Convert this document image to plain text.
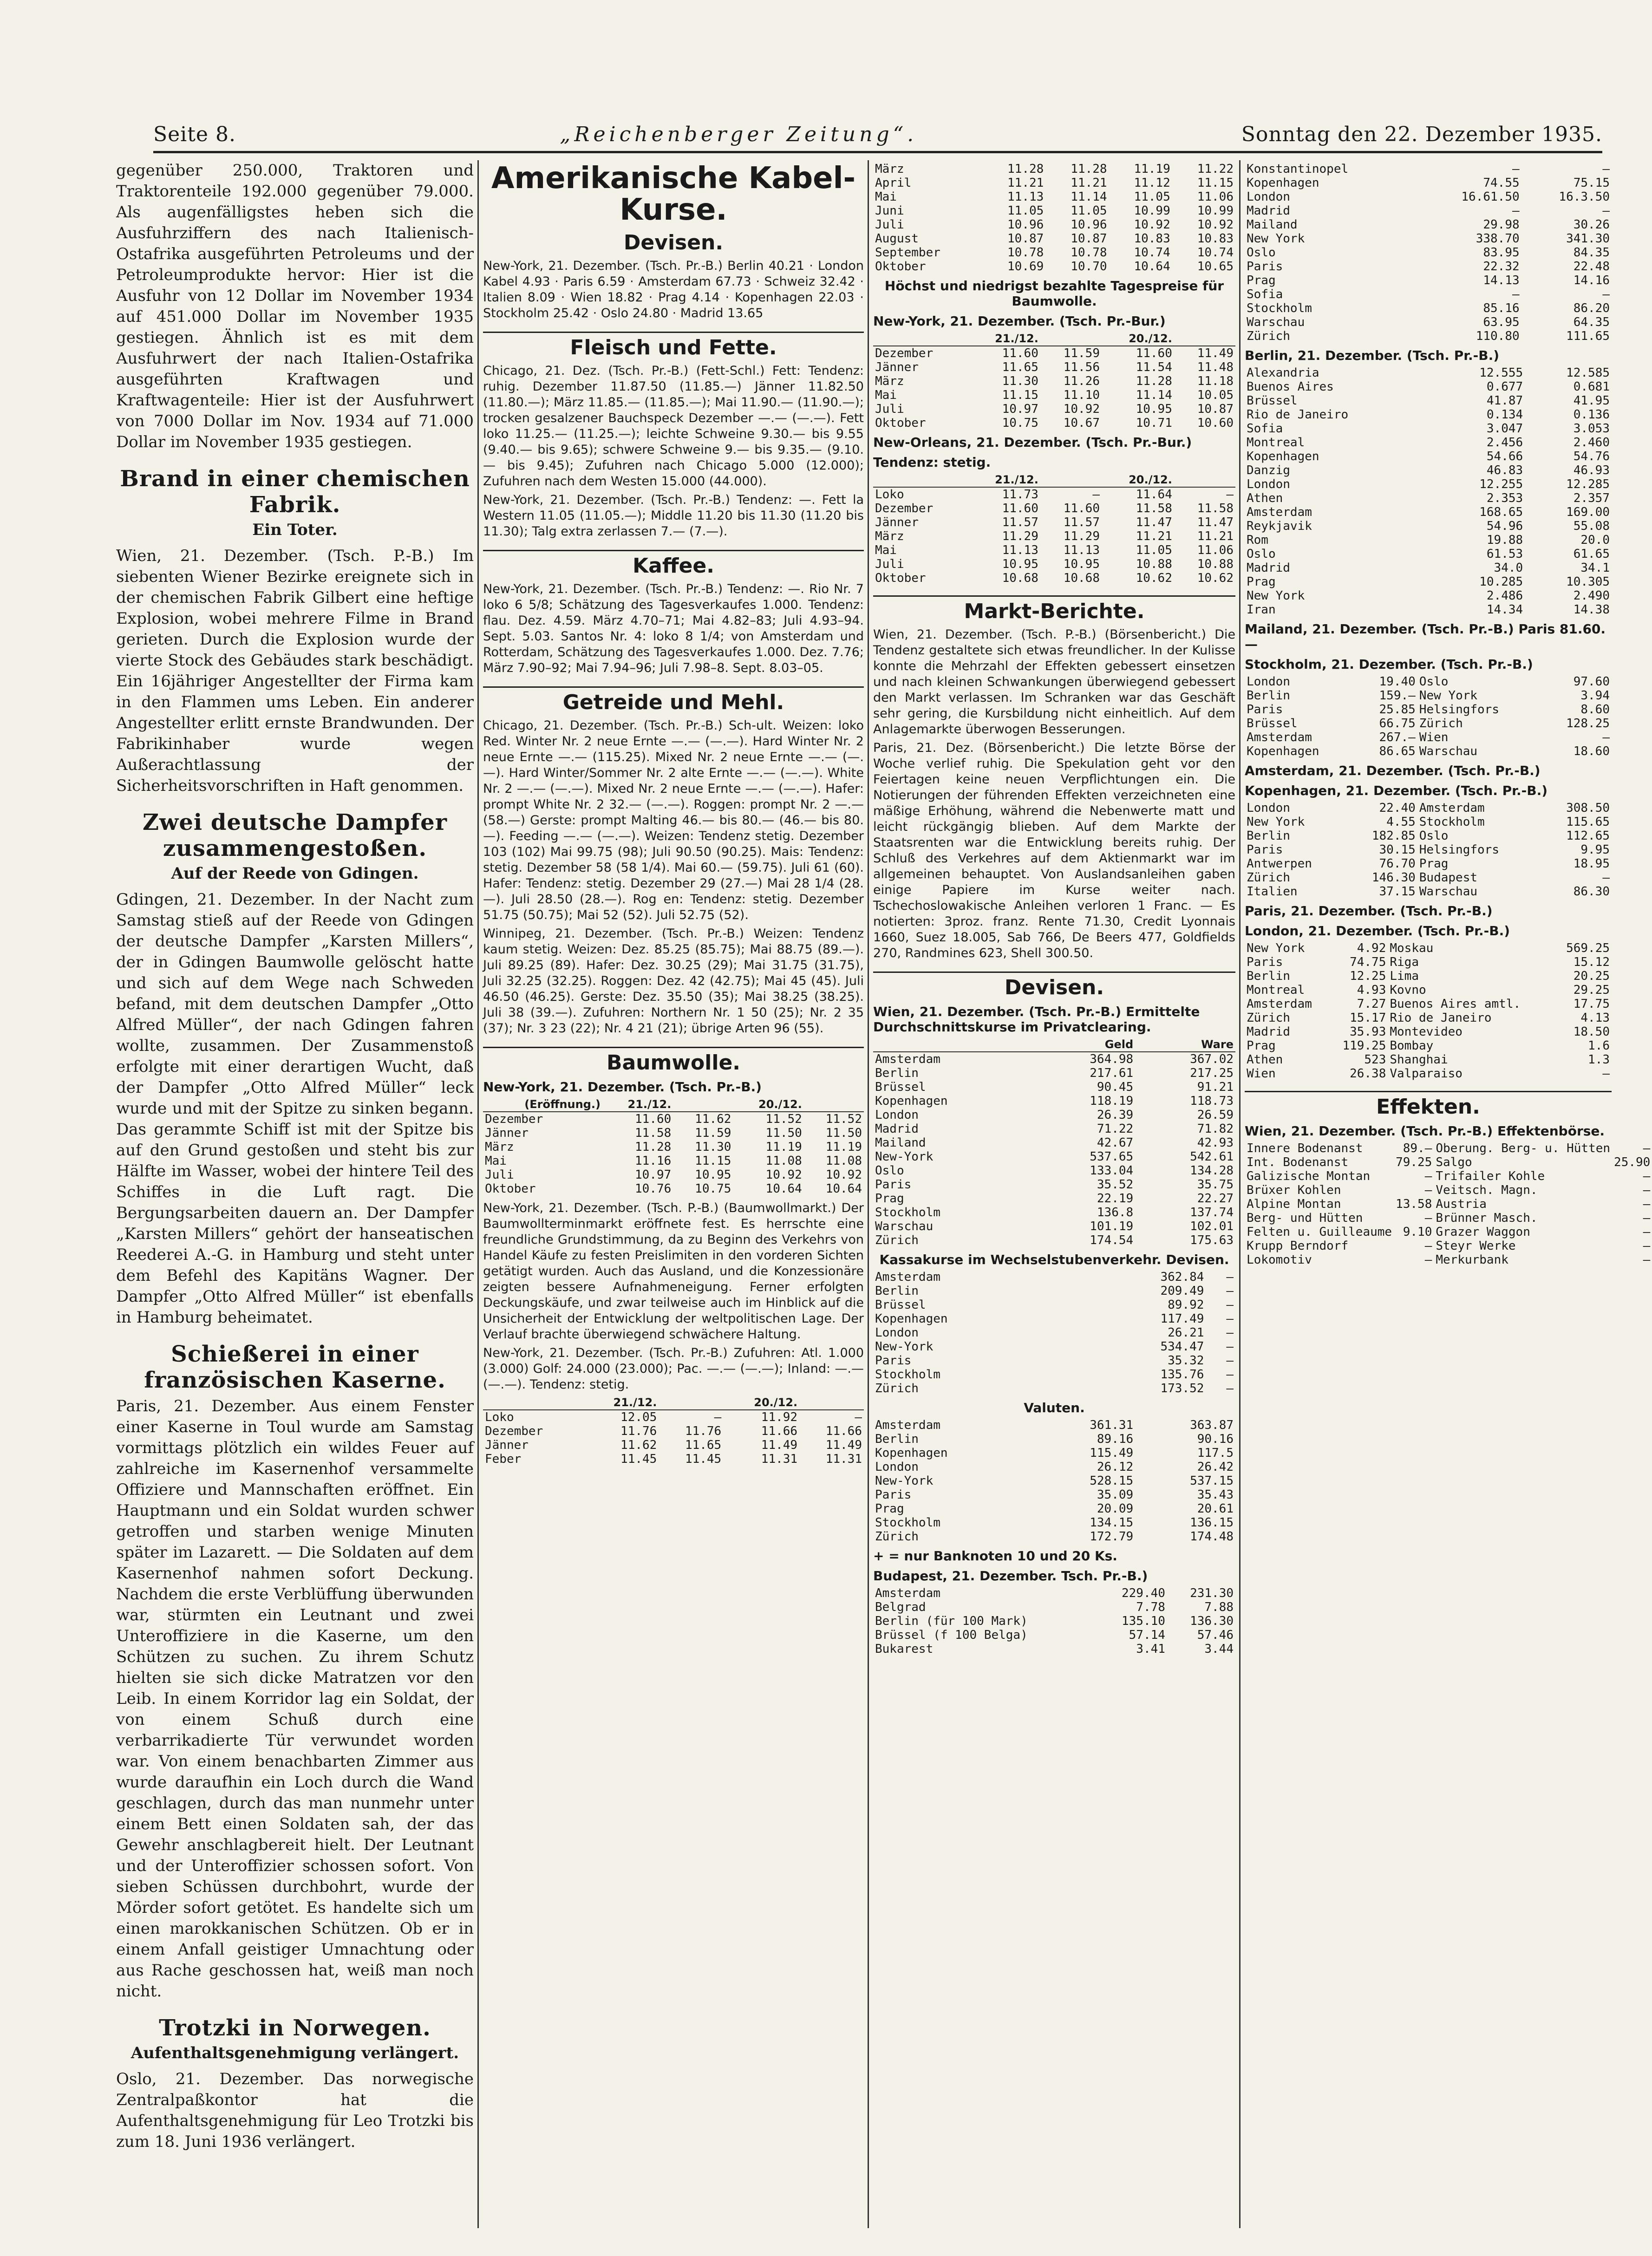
Seite 8.	„Reichenberger Zeitung“.	Sonntag den 22. Dezember 1935.

gegenüber 250.000, Traktoren und Traktorenteile 192.000 gegenüber 79.000. Als augenfälligstes heben sich die Ausfuhrziffern des nach Italienisch-Ostafrika ausgeführten Petroleums und der Petroleumprodukte hervor: Hier ist die Ausfuhr von 12 Dollar im November 1934 auf 451.000 Dollar im November 1935 gestiegen. Ähnlich ist es mit dem Ausfuhrwert der nach Italien-Ostafrika ausgeführten Kraftwagen und Kraftwagenteile: Hier ist der Ausfuhrwert von 7000 Dollar im Nov. 1934 auf 71.000 Dollar im November 1935 gestiegen.

Brand in einer chemischen Fabrik.
Ein Toter.

Wien, 21. Dezember. (Tsch. P.-B.) Im siebenten Wiener Bezirke ereignete sich in der chemischen Fabrik Gilbert eine heftige Explosion, wobei mehrere Filme in Brand gerieten. Durch die Explosion wurde der vierte Stock des Gebäudes stark beschädigt. Ein 16jähriger Angestellter der Firma kam in den Flammen ums Leben. Ein anderer Angestellter erlitt ernste Brandwunden. Der Fabrikinhaber wurde wegen Außerachtlassung der Sicherheitsvorschriften in Haft genommen.

Zwei deutsche Dampfer zusammengestoßen.
Auf der Reede von Gdingen.

Gdingen, 21. Dezember. In der Nacht zum Samstag stieß auf der Reede von Gdingen der deutsche Dampfer „Karsten Millers“, der in Gdingen Baumwolle gelöscht hatte und sich auf dem Wege nach Schweden befand, mit dem deutschen Dampfer „Otto Alfred Müller“, der nach Gdingen fahren wollte, zusammen. Der Zusammenstoß erfolgte mit einer derartigen Wucht, daß der Dampfer „Otto Alfred Müller“ leck wurde und mit der Spitze zu sinken begann. Das gerammte Schiff ist mit der Spitze bis auf den Grund gestoßen und steht bis zur Hälfte im Wasser, wobei der hintere Teil des Schiffes in die Luft ragt. Die Bergungsarbeiten dauern an. Der Dampfer „Karsten Millers“ gehört der hanseatischen Reederei A.-G. in Hamburg und steht unter dem Befehl des Kapitäns Wagner. Der Dampfer „Otto Alfred Müller“ ist ebenfalls in Hamburg beheimatet.

Schießerei in einer französischen Kaserne.

Paris, 21. Dezember. Aus einem Fenster einer Kaserne in Toul wurde am Samstag vormittags plötzlich ein wildes Feuer auf zahlreiche im Kasernenhof versammelte Offiziere und Mannschaften eröffnet. Ein Hauptmann und ein Soldat wurden schwer getroffen und starben wenige Minuten später im Lazarett. — Die Soldaten auf dem Kasernenhof nahmen sofort Deckung. Nachdem die erste Verblüffung überwunden war, stürmten ein Leutnant und zwei Unteroffiziere in die Kaserne, um den Schützen zu suchen. Zu ihrem Schutz hielten sie sich dicke Matratzen vor den Leib. In einem Korridor lag ein Soldat, der von einem Schuß durch eine verbarrikadierte Tür verwundet worden war. Von einem benachbarten Zimmer aus wurde daraufhin ein Loch durch die Wand geschlagen, durch das man nunmehr unter einem Bett einen Soldaten sah, der das Gewehr anschlagbereit hielt. Der Leutnant und der Unteroffizier schossen sofort. Von sieben Schüssen durchbohrt, wurde der Mörder sofort getötet. Es handelte sich um einen marokkanischen Schützen. Ob er in einem Anfall geistiger Umnachtung oder aus Rache geschossen hat, weiß man noch nicht.

Trotzki in Norwegen.
Aufenthaltsgenehmigung verlängert.

Oslo, 21. Dezember. Das norwegische Zentralpaßkontor hat die Aufenthaltsgenehmigung für Leo Trotzki bis zum 18. Juni 1936 verlängert.

Amerikanische Kabel-Kurse.
Devisen.

New-York, 21. Dezember. (Tsch. Pr.-B.) Berlin 40.21 · London Kabel 4.93 · Paris 6.59 · Amsterdam 67.73 · Schweiz 32.42 · Italien 8.09 · Wien 18.82 · Prag 4.14 · Kopenhagen 22.03 · Stockholm 25.42 · Oslo 24.80 · Madrid 13.65

Fleisch und Fette.

Chicago, 21. Dez. (Tsch. Pr.-B.) (Fett-Schl.) Fett: Tendenz: ruhig. Dezember 11.87.50 (11.85.—) Jänner 11.82.50 (11.80.—); März 11.85.— (11.85.—); Mai 11.90.— (11.90.—); trocken gesalzener Bauchspeck Dezember —.— (—.—). Fett loko 11.25.— (11.25.—); leichte Schweine 9.30.— bis 9.55 (9.40.— bis 9.65); schwere Schweine 9.— bis 9.35.— (9.10.— bis 9.45); Zufuhren nach Chicago 5.000 (12.000); Zufuhren nach dem Westen 15.000 (44.000).

New-York, 21. Dezember. (Tsch. Pr.-B.) Tendenz: —. Fett la Western 11.05 (11.05.—); Middle 11.20 bis 11.30 (11.20 bis 11.30); Talg extra zerlassen 7.— (7.—).

Kaffee.

New-York, 21. Dezember. (Tsch. Pr.-B.) Tendenz: —. Rio Nr. 7 loko 6 5/8; Schätzung des Tagesverkaufes 1.000. Tendenz: flau. Dez. 4.59. März 4.70–71; Mai 4.82–83; Juli 4.93–94. Sept. 5.03. Santos Nr. 4: loko 8 1/4; von Amsterdam und Rotterdam, Schätzung des Tagesverkaufes 1.000. Dez. 7.76; März 7.90–92; Mai 7.94–96; Juli 7.98–8. Sept. 8.03–05.

Getreide und Mehl.

Chicago, 21. Dezember. (Tsch. Pr.-B.) Sch-ult. Weizen: loko Red. Winter Nr. 2 neue Ernte —.— (—.—). Hard Winter Nr. 2 neue Ernte —.— (115.25). Mixed Nr. 2 neue Ernte —.— (—.—). Hard Winter/Sommer Nr. 2 alte Ernte —.— (—.—). White Nr. 2 —.— (—.—). Mixed Nr. 2 neue Ernte —.— (—.—). Hafer: prompt White Nr. 2 32.— (—.—). Roggen: prompt Nr. 2 —.— (58.—) Gerste: prompt Malting 46.— bis 80.— (46.— bis 80.—). Feeding —.— (—.—). Weizen: Tendenz stetig. Dezember 103 (102) Mai 99.75 (98); Juli 90.50 (90.25). Mais: Tendenz: stetig. Dezember 58 (58 1/4). Mai 60.— (59.75). Juli 61 (60). Hafer: Tendenz: stetig. Dezember 29 (27.—) Mai 28 1/4 (28.—). Juli 28.50 (28.—). Rog en: Tendenz: stetig. Dezember 51.75 (50.75); Mai 52 (52). Juli 52.75 (52).

Winnipeg, 21. Dezember. (Tsch. Pr.-B.) Weizen: Tendenz kaum stetig. Weizen: Dez. 85.25 (85.75); Mai 88.75 (89.—). Juli 89.25 (89). Hafer: Dez. 30.25 (29); Mai 31.75 (31.75), Juli 32.25 (32.25). Roggen: Dez. 42 (42.75); Mai 45 (45). Juli 46.50 (46.25). Gerste: Dez. 35.50 (35); Mai 38.25 (38.25). Juli 38 (39.—). Zufuhren: Northern Nr. 1 50 (25); Nr. 2 35 (37); Nr. 3 23 (22); Nr. 4 21 (21); übrige Arten 96 (55).

Baumwolle.
New-York, 21. Dezember. (Tsch. Pr.-B.)
(Eröffnung.)	21./12.		20./12.	
Dezember	11.60	11.62	11.52	11.52
Jänner	11.58	11.59	11.50	11.50
März	11.28	11.30	11.19	11.19
Mai	11.16	11.15	11.08	11.08
Juli	10.97	10.95	10.92	10.92
Oktober	10.76	10.75	10.64	10.64

New-York, 21. Dezember. (Tsch. P.-B.) (Baumwollmarkt.) Der Baumwollterminmarkt eröffnete fest. Es herrschte eine freundliche Grundstimmung, da zu Beginn des Verkehrs von Handel Käufe zu festen Preislimiten in den vorderen Sichten getätigt wurden. Auch das Ausland, und die Konzessionäre zeigten bessere Aufnahmeneigung. Ferner erfolgten Deckungskäufe, und zwar teilweise auch im Hinblick auf die Unsicherheit der Entwicklung der weltpolitischen Lage. Der Verlauf brachte überwiegend schwächere Haltung.

New-York, 21. Dezember. (Tsch. Pr.-B.) Zufuhren: Atl. 1.000 (3.000) Golf: 24.000 (23.000); Pac. —.— (—.—); Inland: —.— (—.—). Tendenz: stetig.

	21./12.		20./12.	
Loko	12.05	—	11.92	—
Dezember	11.76	11.76	11.66	11.66
Jänner	11.62	11.65	11.49	11.49
Feber	11.45	11.45	11.31	11.31
März	11.28	11.28	11.19	11.22
April	11.21	11.21	11.12	11.15
Mai	11.13	11.14	11.05	11.06
Juni	11.05	11.05	10.99	10.99
Juli	10.96	10.96	10.92	10.92
August	10.87	10.87	10.83	10.83
September	10.78	10.78	10.74	10.74
Oktober	10.69	10.70	10.64	10.65
Höchst und niedrigst bezahlte Tagespreise für Baumwolle.
New-York, 21. Dezember. (Tsch. Pr.-Bur.)
	21./12.		20./12.	
Dezember	11.60	11.59	11.60	11.49
Jänner	11.65	11.56	11.54	11.48
März	11.30	11.26	11.28	11.18
Mai	11.15	11.10	11.14	10.05
Juli	10.97	10.92	10.95	10.87
Oktober	10.75	10.67	10.71	10.60
New-Orleans, 21. Dezember. (Tsch. Pr.-Bur.)
Tendenz: stetig.
	21./12.		20./12.	
Loko	11.73	—	11.64	—
Dezember	11.60	11.60	11.58	11.58
Jänner	11.57	11.57	11.47	11.47
März	11.29	11.29	11.21	11.21
Mai	11.13	11.13	11.05	11.06
Juli	10.95	10.95	10.88	10.88
Oktober	10.68	10.68	10.62	10.62
Markt-Berichte.

Wien, 21. Dezember. (Tsch. P.-B.) (Börsenbericht.) Die Tendenz gestaltete sich etwas freundlicher. In der Kulisse konnte die Mehrzahl der Effekten gebessert einsetzen und nach kleinen Schwankungen überwiegend gebessert den Markt verlassen. Im Schranken war das Geschäft sehr gering, die Kursbildung nicht einheitlich. Auf dem Anlagemarkte überwogen Besserungen.

Paris, 21. Dez. (Börsenbericht.) Die letzte Börse der Woche verlief ruhig. Die Spekulation geht vor den Feiertagen keine neuen Verpflichtungen ein. Die Notierungen der führenden Effekten verzeichneten eine mäßige Erhöhung, während die Nebenwerte matt und leicht rückgängig blieben. Auf dem Markte der Staatsrenten war die Entwicklung bereits ruhig. Der Schluß des Verkehres auf dem Aktienmarkt war im allgemeinen behauptet. Von Auslandsanleihen gaben einige Papiere im Kurse weiter nach. Tschechoslowakische Anleihen verloren 1 Franc. — Es notierten: 3proz. franz. Rente 71.30, Credit Lyonnais 1660, Suez 18.005, Sab 766, De Beers 477, Goldfields 270, Randmines 623, Shell 300.50.

Devisen.
Wien, 21. Dezember. (Tsch. Pr.-B.) Ermittelte Durchschnittskurse im Privatclearing.
	Geld	Ware
Amsterdam	364.98	367.02
Berlin	217.61	217.25
Brüssel	90.45	91.21
Kopenhagen	118.19	118.73
London	26.39	26.59
Madrid	71.22	71.82
Mailand	42.67	42.93
New-York	537.65	542.61
Oslo	133.04	134.28
Paris	35.52	35.75
Prag	22.19	22.27
Stockholm	136.8	137.74
Warschau	101.19	102.01
Zürich	174.54	175.63
Kassakurse im Wechselstubenverkehr. Devisen.
Amsterdam	362.84	—
Berlin	209.49	—
Brüssel	89.92	—
Kopenhagen	117.49	—
London	26.21	—
New-York	534.47	—
Paris	35.32	—
Stockholm	135.76	—
Zürich	173.52	—
Valuten.
Amsterdam	361.31	363.87
Berlin	89.16	90.16
Kopenhagen	115.49	117.5
London	26.12	26.42
New-York	528.15	537.15
Paris	35.09	35.43
Prag	20.09	20.61
Stockholm	134.15	136.15
Zürich	172.79	174.48
+ = nur Banknoten 10 und 20 Ks.
Budapest, 21. Dezember. Tsch. Pr.-B.)
Amsterdam	229.40	231.30
Belgrad	7.78	7.88
Berlin (für 100 Mark)	135.10	136.30
Brüssel (f 100 Belga)	57.14	57.46
Bukarest	3.41	3.44
Konstantinopel	—	—
Kopenhagen	74.55	75.15
London	16.61.50	16.3.50
Madrid	—	—
Mailand	29.98	30.26
New York	338.70	341.30
Oslo	83.95	84.35
Paris	22.32	22.48
Prag	14.13	14.16
Sofia	—	—
Stockholm	85.16	86.20
Warschau	63.95	64.35
Zürich	110.80	111.65
Berlin, 21. Dezember. (Tsch. Pr.-B.)
Alexandria	12.555	12.585
Buenos Aires	0.677	0.681
Brüssel	41.87	41.95
Rio de Janeiro	0.134	0.136
Sofia	3.047	3.053
Montreal	2.456	2.460
Kopenhagen	54.66	54.76
Danzig	46.83	46.93
London	12.255	12.285
Athen	2.353	2.357
Amsterdam	168.65	169.00
Reykjavik	54.96	55.08
Rom	19.88	20.0
Oslo	61.53	61.65
Madrid	34.0	34.1
Prag	10.285	10.305
New York	2.486	2.490
Iran	14.34	14.38
Mailand, 21. Dezember. (Tsch. Pr.-B.) Paris 81.60.—
Stockholm, 21. Dezember. (Tsch. Pr.-B.)
London	19.40	Oslo	97.60
Berlin	159.—	New York	3.94
Paris	25.85	Helsingfors	8.60
Brüssel	66.75	Zürich	128.25
Amsterdam	267.—	Wien	—
Kopenhagen	86.65	Warschau	18.60
Amsterdam, 21. Dezember. (Tsch. Pr.-B.)
Kopenhagen, 21. Dezember. (Tsch. Pr.-B.)
London	22.40	Amsterdam	308.50
New York	4.55	Stockholm	115.65
Berlin	182.85	Oslo	112.65
Paris	30.15	Helsingfors	9.95
Antwerpen	76.70	Prag	18.95
Zürich	146.30	Budapest	—
Italien	37.15	Warschau	86.30
Paris, 21. Dezember. (Tsch. Pr.-B.)
London, 21. Dezember. (Tsch. Pr.-B.)
New York	4.92	Moskau	569.25
Paris	74.75	Riga	15.12
Berlin	12.25	Lima	20.25
Montreal	4.93	Kovno	29.25
Amsterdam	7.27	Buenos Aires amtl.	17.75
Zürich	15.17	Rio de Janeiro	4.13
Madrid	35.93	Montevideo	18.50
Prag	119.25	Bombay	1.6
Athen	523	Shanghai	1.3
Wien	26.38	Valparaiso	—
Effekten.
Wien, 21. Dezember. (Tsch. Pr.-B.) Effektenbörse.
Innere Bodenanst	89.—	Oberung. Berg- u. Hütten	—
Int. Bodenanst	79.25	Salgo	25.90
Galizische Montan	—	Trifailer Kohle	—
Brüxer Kohlen	—	Veitsch. Magn.	—
Alpine Montan	13.58	Austria	—
Berg- und Hütten	—	Brünner Masch.	—
Felten u. Guilleaume	9.10	Grazer Waggon	—
Krupp Berndorf	—	Steyr Werke	—
Lokomotiv	—	Merkurbank	—
